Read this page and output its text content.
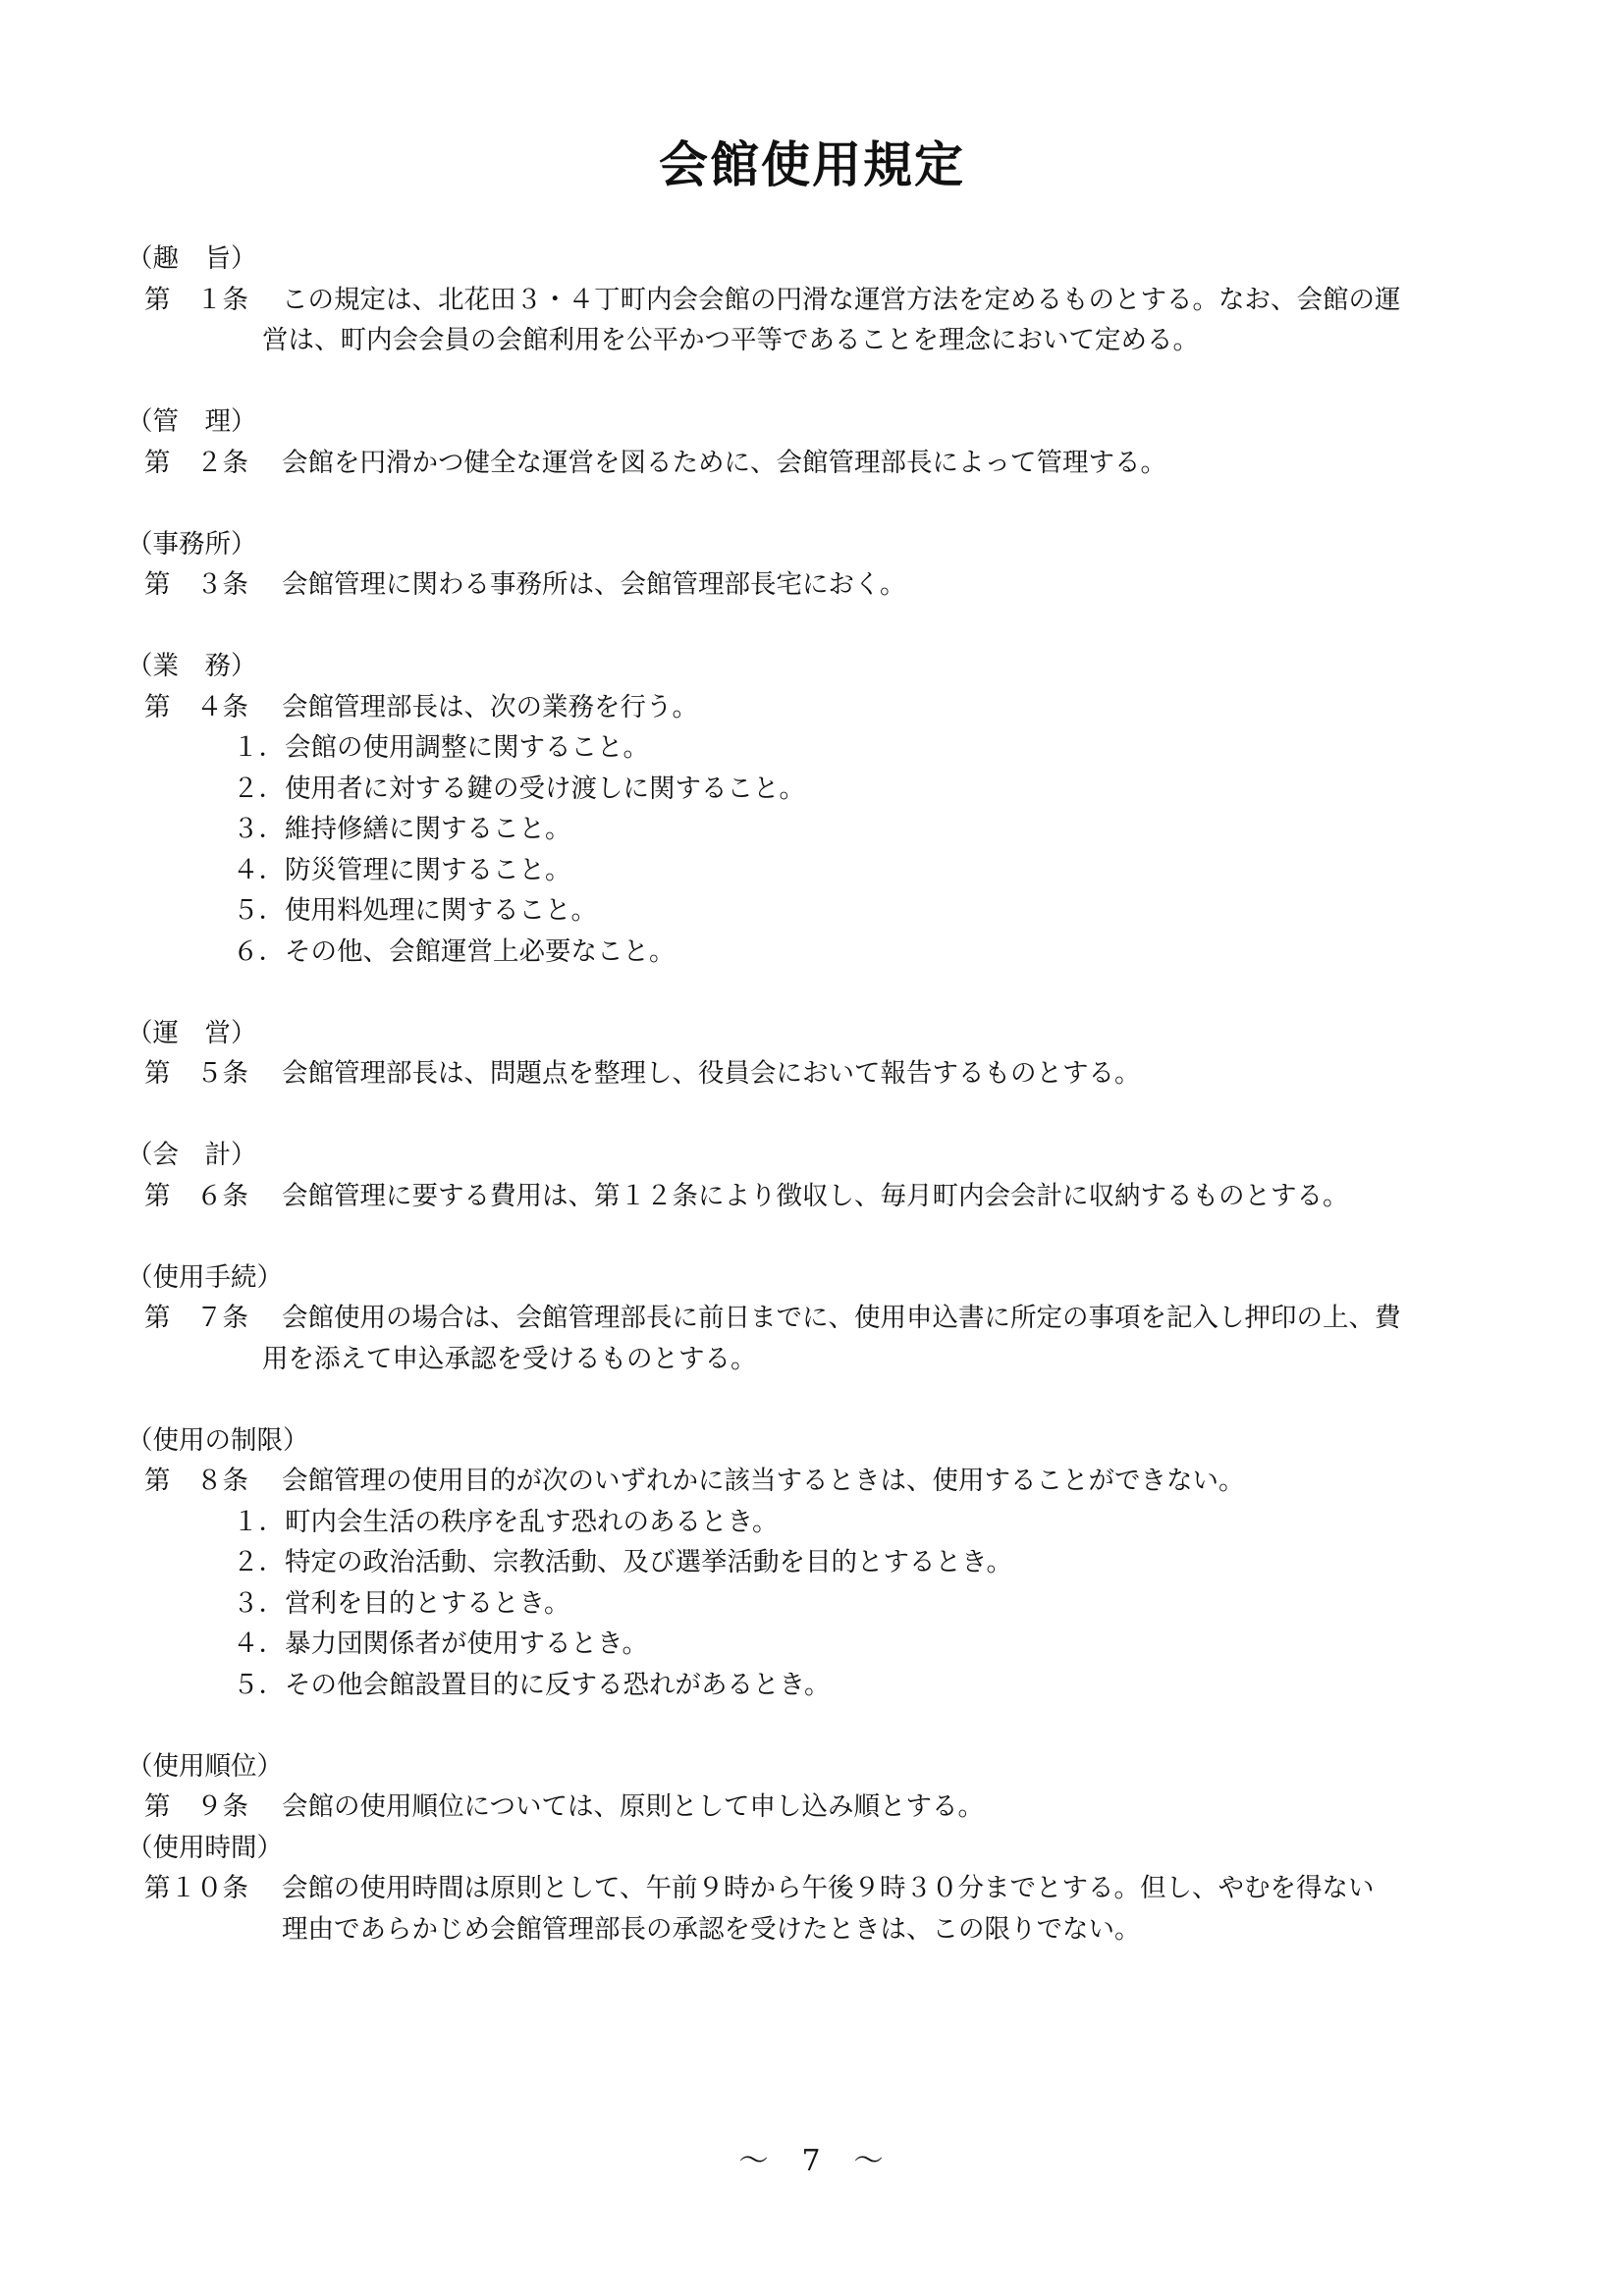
会館使用規定
（趣　旨）
第　１条	この規定は、北花田３・４丁町内会会館の円滑な運営方法を定めるものとする。なお、会館の運
営は、町内会会員の会館利用を公平かつ平等であることを理念において定める。
（管　理）
第　２条	会館を円滑かつ健全な運営を図るために、会館管理部長によって管理する。
（事務所）
第　３条	会館管理に関わる事務所は、会館管理部長宅におく。
（業　務）
第　４条	会館管理部長は、次の業務を行う。
１．会館の使用調整に関すること。
２．使用者に対する鍵の受け渡しに関すること。
３．維持修繕に関すること。
４．防災管理に関すること。
５．使用料処理に関すること。
６．その他、会館運営上必要なこと。
（運　営）
第　５条	会館管理部長は、問題点を整理し、役員会において報告するものとする。
（会　計）
第　６条	会館管理に要する費用は、第１２条により徴収し、毎月町内会会計に収納するものとする。
（使用手続）
第　７条	会館使用の場合は、会館管理部長に前日までに、使用申込書に所定の事項を記入し押印の上、費
用を添えて申込承認を受けるものとする。
（使用の制限）
第　８条	会館管理の使用目的が次のいずれかに該当するときは、使用することができない。
１．町内会生活の秩序を乱す恐れのあるとき。
２．特定の政治活動、宗教活動、及び選挙活動を目的とするとき。
３．営利を目的とするとき。
４．暴力団関係者が使用するとき。
５．その他会館設置目的に反する恐れがあるとき。
（使用順位）
第　９条	会館の使用順位については、原則として申し込み順とする。
（使用時間）
第１０条	会館の使用時間は原則として、午前９時から午後９時３０分までとする。但し、やむを得ない
理由であらかじめ会館管理部長の承認を受けたときは、この限りでない。
～　7　～
